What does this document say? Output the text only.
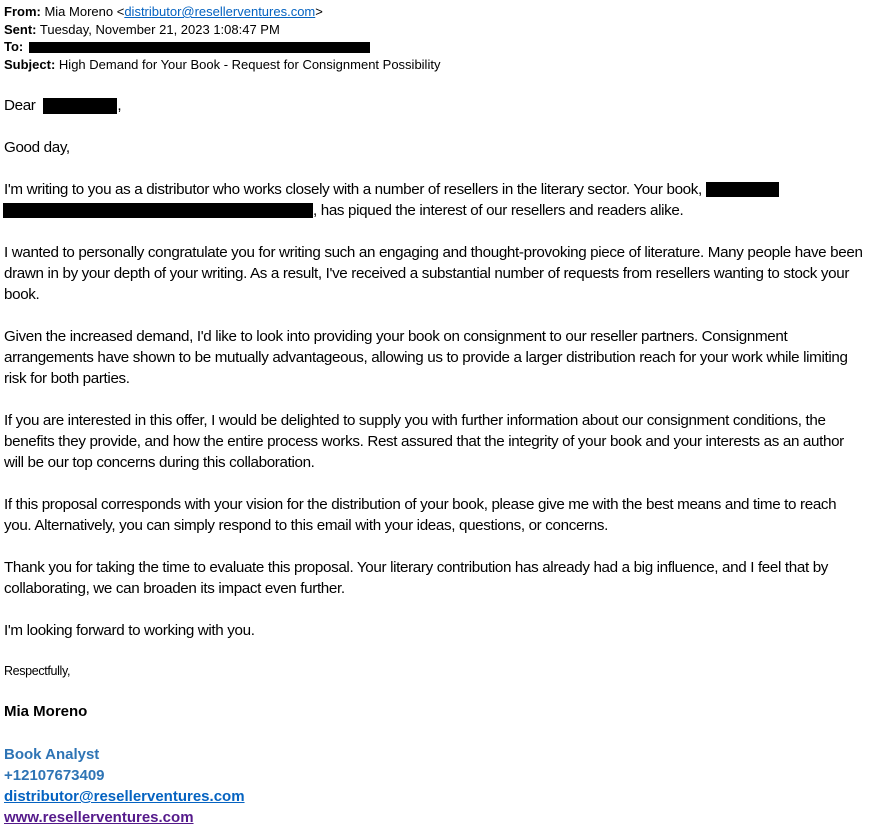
From: Mia Moreno <distributor@resellerventures.com>
Sent: Tuesday, November 21, 2023 1:08:47 PM
To:
Subject: High Demand for Your Book - Request for Consignment Possibility
Dear	,
Good day,
I'm writing to you as a distributor who works closely with a number of resellers in the literary sector. Your book,
, has piqued the interest of our resellers and readers alike.
I wanted to personally congratulate you for writing such an engaging and thought-provoking piece of literature. Many people have been drawn in by your depth of your writing. As a result, I've received a substantial number of requests from resellers wanting to stock your book.
Given the increased demand, I'd like to look into providing your book on consignment to our reseller partners. Consignment arrangements have shown to be mutually advantageous, allowing us to provide a larger distribution reach for your work while limiting risk for both parties.
If you are interested in this offer, I would be delighted to supply you with further information about our consignment conditions, the benefits they provide, and how the entire process works. Rest assured that the integrity of your book and your interests as an author will be our top concerns during this collaboration.
If this proposal corresponds with your vision for the distribution of your book, please give me with the best means and time to reach you. Alternatively, you can simply respond to this email with your ideas, questions, or concerns.
Thank you for taking the time to evaluate this proposal. Your literary contribution has already had a big influence, and I feel that by collaborating, we can broaden its impact even further.
I'm looking forward to working with you.
Respectfully,
Mia Moreno
Book Analyst
+12107673409
distributor@resellerventures.com
www.resellerventures.com
